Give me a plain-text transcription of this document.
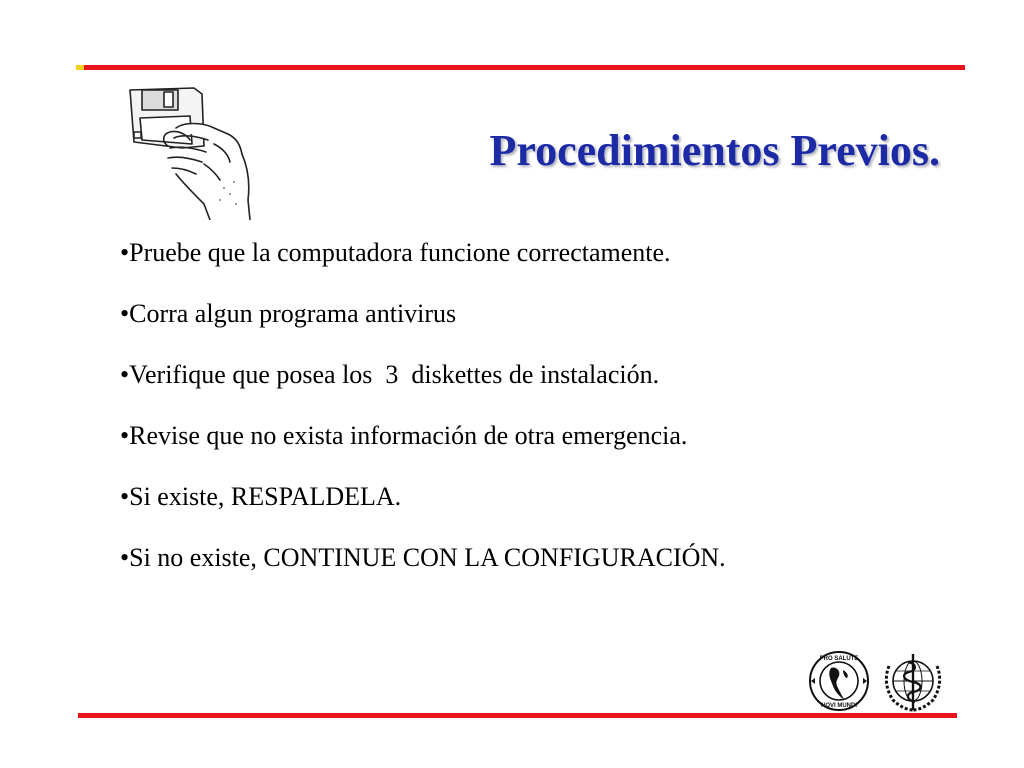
Procedimientos Previos.
•Pruebe que la computadora funcione correctamente.
•Corra algun programa antivirus
•Verifique que posea los  3  diskettes de instalación.
•Revise que no exista información de otra emergencia.
•Si existe, RESPALDELA.
•Si no existe, CONTINUE CON LA CONFIGURACIÓN.
PRO SALUTE
NOVI MUNDI
